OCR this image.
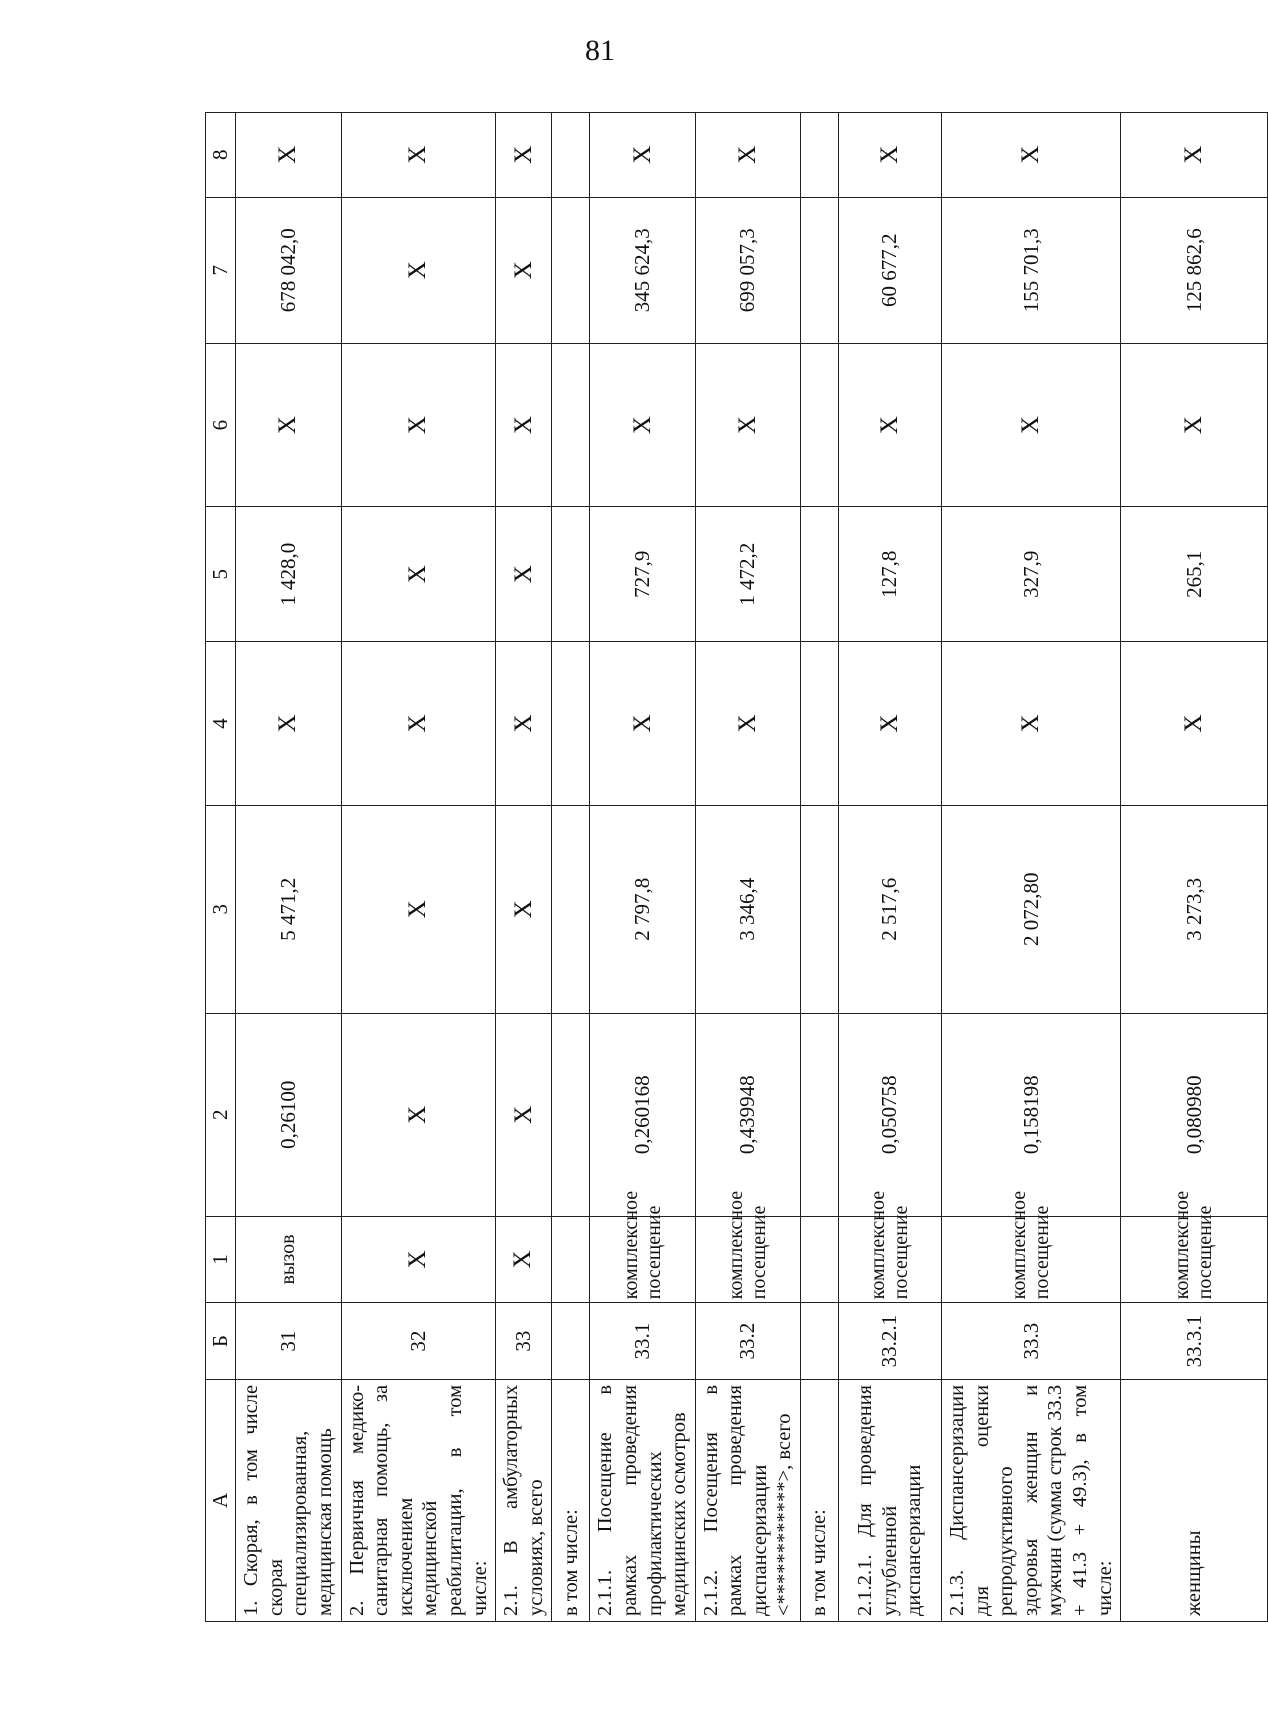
81
А	Б	1	2	3	4	5	6	7	8
1. Скорая, в том числе скорая специализированная, медицинская помощь	31	вызов	0,26100	5 471,2	Х	1 428,0	Х	678 042,0	Х
2. Первичная медико-санитарная помощь, за исключением медицинской реабилитации, в том числе:	32	Х	Х	Х	Х	Х	Х	Х	Х
2.1. В амбулаторных условиях, всего	33	Х	Х	Х	Х	Х	Х	Х	Х
в том числе:									
2.1.1. Посещение в рамках проведения профилактических медицинских осмотров	33.1	комплексное посещение	0,260168	2 797,8	Х	727,9	Х	345 624,3	Х
2.1.2. Посещения в рамках проведения диспансеризации <************>, всего	33.2	комплексное посещение	0,439948	3 346,4	Х	1 472,2	Х	699 057,3	Х
в том числе:									
2.1.2.1. Для проведения углубленной диспансеризации	33.2.1	комплексное посещение	0,050758	2 517,6	Х	127,8	Х	60 677,2	Х
2.1.3. Диспансеризации для оценки репродуктивного здоровья женщин и мужчин (сумма строк 33.3 + 41.3 + 49.3), в том числе:	33.3	комплексное посещение	0,158198	2 072,80	Х	327,9	Х	155 701,3	Х
женщины	33.3.1	комплексное посещение	0,080980	3 273,3	Х	265,1	Х	125 862,6	Х
